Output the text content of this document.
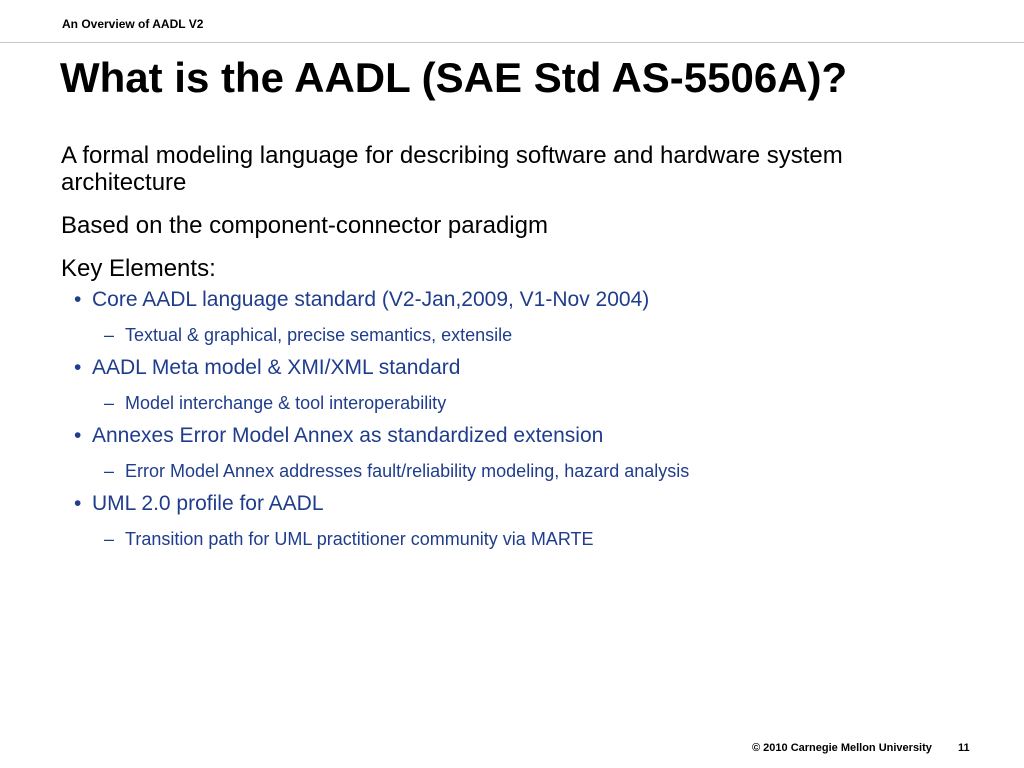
An Overview of AADL V2
What is the AADL (SAE Std AS-5506A)?

A formal modeling language for describing software and hardware system architecture

Based on the component-connector paradigm

Key Elements:

• Core AADL language standard (V2-Jan,2009, V1-Nov 2004)
– Textual & graphical, precise semantics, extensile
• AADL Meta model & XMI/XML standard
– Model interchange & tool interoperability
• Annexes Error Model Annex as standardized extension
– Error Model Annex addresses fault/reliability modeling, hazard analysis
• UML 2.0 profile for AADL
– Transition path for UML practitioner community via MARTE
© 2010 Carnegie Mellon University 11
